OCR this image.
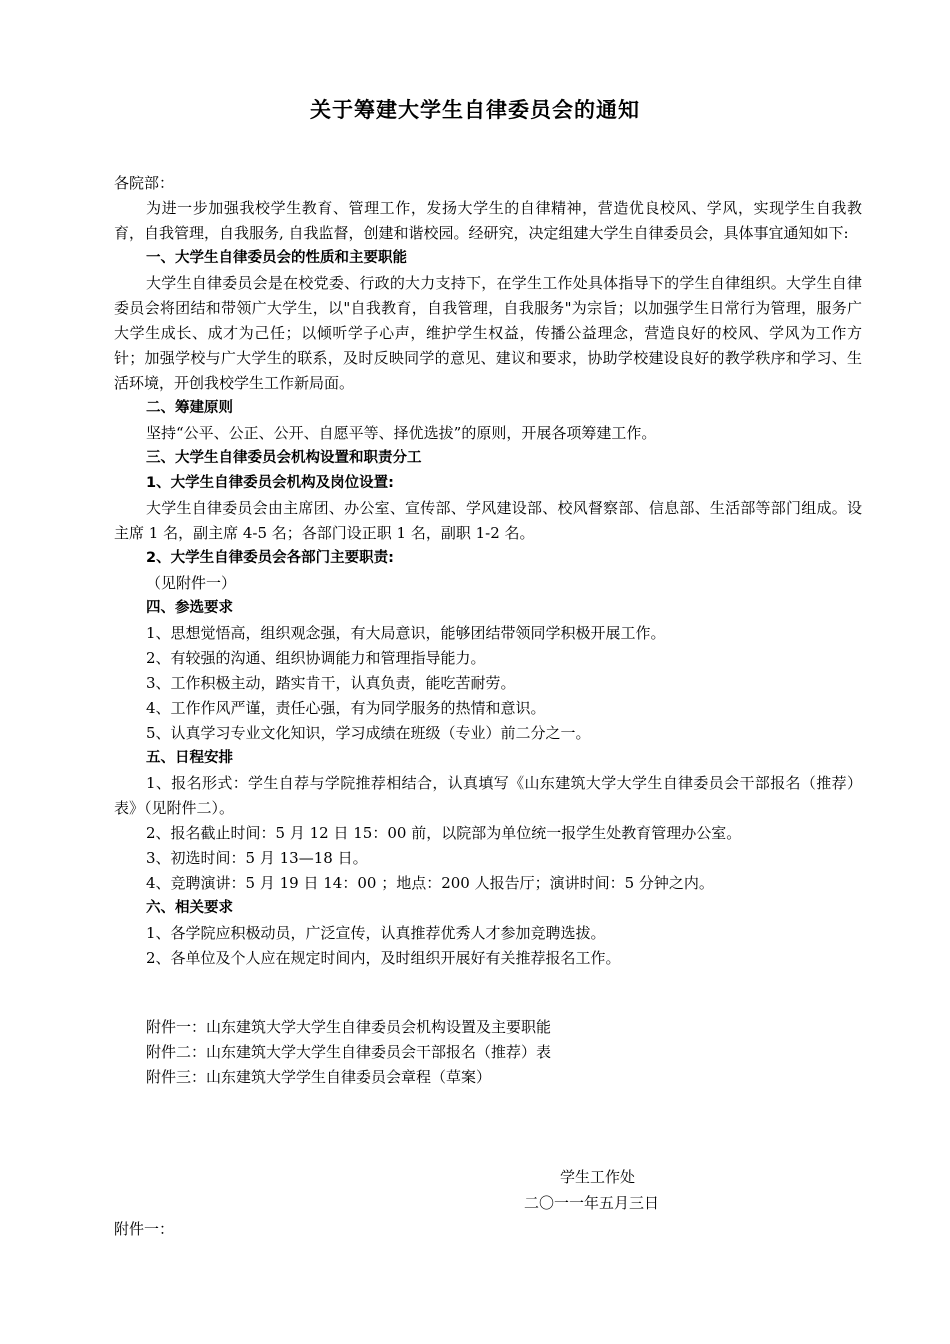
关于筹建大学生自律委员会的通知

各院部：

为进一步加强我校学生教育、管理工作，发扬大学生的自律精神，营造优良校风、学风，实现学生自我教育，自我管理，自我服务, 自我监督，创建和谐校园。经研究，决定组建大学生自律委员会，具体事宜通知如下:

一、大学生自律委员会的性质和主要职能

大学生自律委员会是在校党委、行政的大力支持下，在学生工作处具体指导下的学生自律组织。大学生自律委员会将团结和带领广大学生，以"自我教育，自我管理，自我服务"为宗旨；以加强学生日常行为管理，服务广大学生成长、成才为己任；以倾听学子心声，维护学生权益，传播公益理念，营造良好的校风、学风为工作方针；加强学校与广大学生的联系，及时反映同学的意见、建议和要求，协助学校建设良好的教学秩序和学习、生活环境，开创我校学生工作新局面。

二、筹建原则

坚持“公平、公正、公开、自愿平等、择优选拔”的原则，开展各项筹建工作。

三、大学生自律委员会机构设置和职责分工

1、大学生自律委员会机构及岗位设置:

大学生自律委员会由主席团、办公室、宣传部、学风建设部、校风督察部、信息部、生活部等部门组成。设主席 1 名，副主席 4-5 名；各部门设正职 1 名，副职 1-2 名。

2、大学生自律委员会各部门主要职责:

（见附件一）

四、参选要求

1、思想觉悟高，组织观念强，有大局意识，能够团结带领同学积极开展工作。

2、有较强的沟通、组织协调能力和管理指导能力。

3、工作积极主动，踏实肯干，认真负责，能吃苦耐劳。

4、工作作风严谨，责任心强，有为同学服务的热情和意识。

5、认真学习专业文化知识，学习成绩在班级（专业）前二分之一。

五、日程安排

1、报名形式：学生自荐与学院推荐相结合，认真填写《山东建筑大学大学生自律委员会干部报名（推荐）表》（见附件二）。

2、报名截止时间：5 月 12 日 15：00 前，以院部为单位统一报学生处教育管理办公室。

3、初选时间：5 月 13—18 日。

4、竞聘演讲：5 月 19 日 14：00 ；地点：200 人报告厅；演讲时间：5 分钟之内。

六、相关要求

1、各学院应积极动员，广泛宣传，认真推荐优秀人才参加竞聘选拔。

2、各单位及个人应在规定时间内，及时组织开展好有关推荐报名工作。

附件一：山东建筑大学大学生自律委员会机构设置及主要职能

附件二：山东建筑大学大学生自律委员会干部报名（推荐）表

附件三：山东建筑大学学生自律委员会章程（草案）

学生工作处
二〇一一年五月三日
附件一：
